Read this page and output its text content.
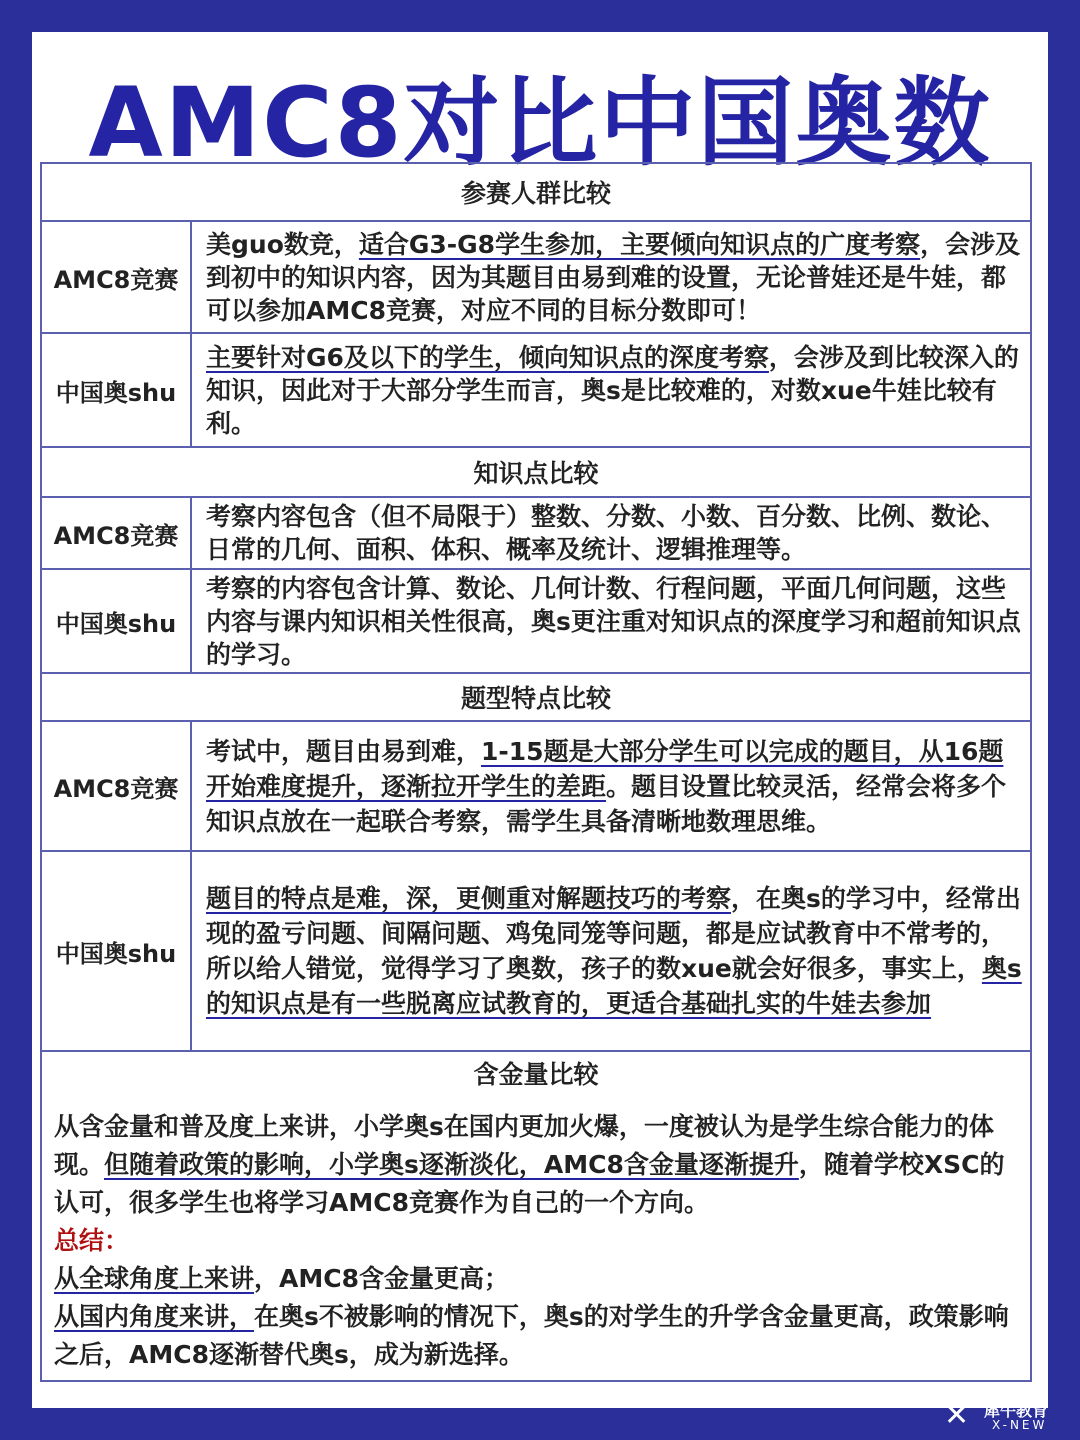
AMC8对比中国奥数
参赛人群比较
AMC8竞赛

美guo数竞，适合G3-G8学生参加，主要倾向知识点的广度考察，会涉及到初中的知识内容，因为其题目由易到难的设置，无论普娃还是牛娃，都可以参加AMC8竞赛，对应不同的目标分数即可！

中国奥shu

主要针对G6及以下的学生，倾向知识点的深度考察，会涉及到比较深入的知识，因此对于大部分学生而言，奥s是比较难的，对数xue牛娃比较有利。

知识点比较
AMC8竞赛

考察内容包含（但不局限于）整数、分数、小数、百分数、比例、数论、日常的几何、面积、体积、概率及统计、逻辑推理等。

中国奥shu

考察的内容包含计算、数论、几何计数、行程问题，平面几何问题，这些内容与课内知识相关性很高，奥s更注重对知识点的深度学习和超前知识点的学习。

题型特点比较
AMC8竞赛

考试中，题目由易到难，1-15题是大部分学生可以完成的题目，从16题开始难度提升，逐渐拉开学生的差距。题目设置比较灵活，经常会将多个知识点放在一起联合考察，需学生具备清晰地数理思维。

中国奥shu

题目的特点是难，深，更侧重对解题技巧的考察，在奥s的学习中，经常出现的盈亏问题、间隔问题、鸡兔同笼等问题，都是应试教育中不常考的，所以给人错觉，觉得学习了奥数，孩子的数xue就会好很多，事实上，奥s的知识点是有一些脱离应试教育的，更适合基础扎实的牛娃去参加

含金量比较

从含金量和普及度上来讲，小学奥s在国内更加火爆，一度被认为是学生综合能力的体现。但随着政策的影响，小学奥s逐渐淡化，AMC8含金量逐渐提升，随着学校XSC的认可，很多学生也将学习AMC8竞赛作为自己的一个方向。

总结：

从全球角度上来讲，AMC8含金量更高；

从国内角度来讲，在奥s不被影响的情况下，奥s的对学生的升学含金量更高，政策影响之后，AMC8逐渐替代奥s，成为新选择。

✕ 犀牛教育
X-NEW
